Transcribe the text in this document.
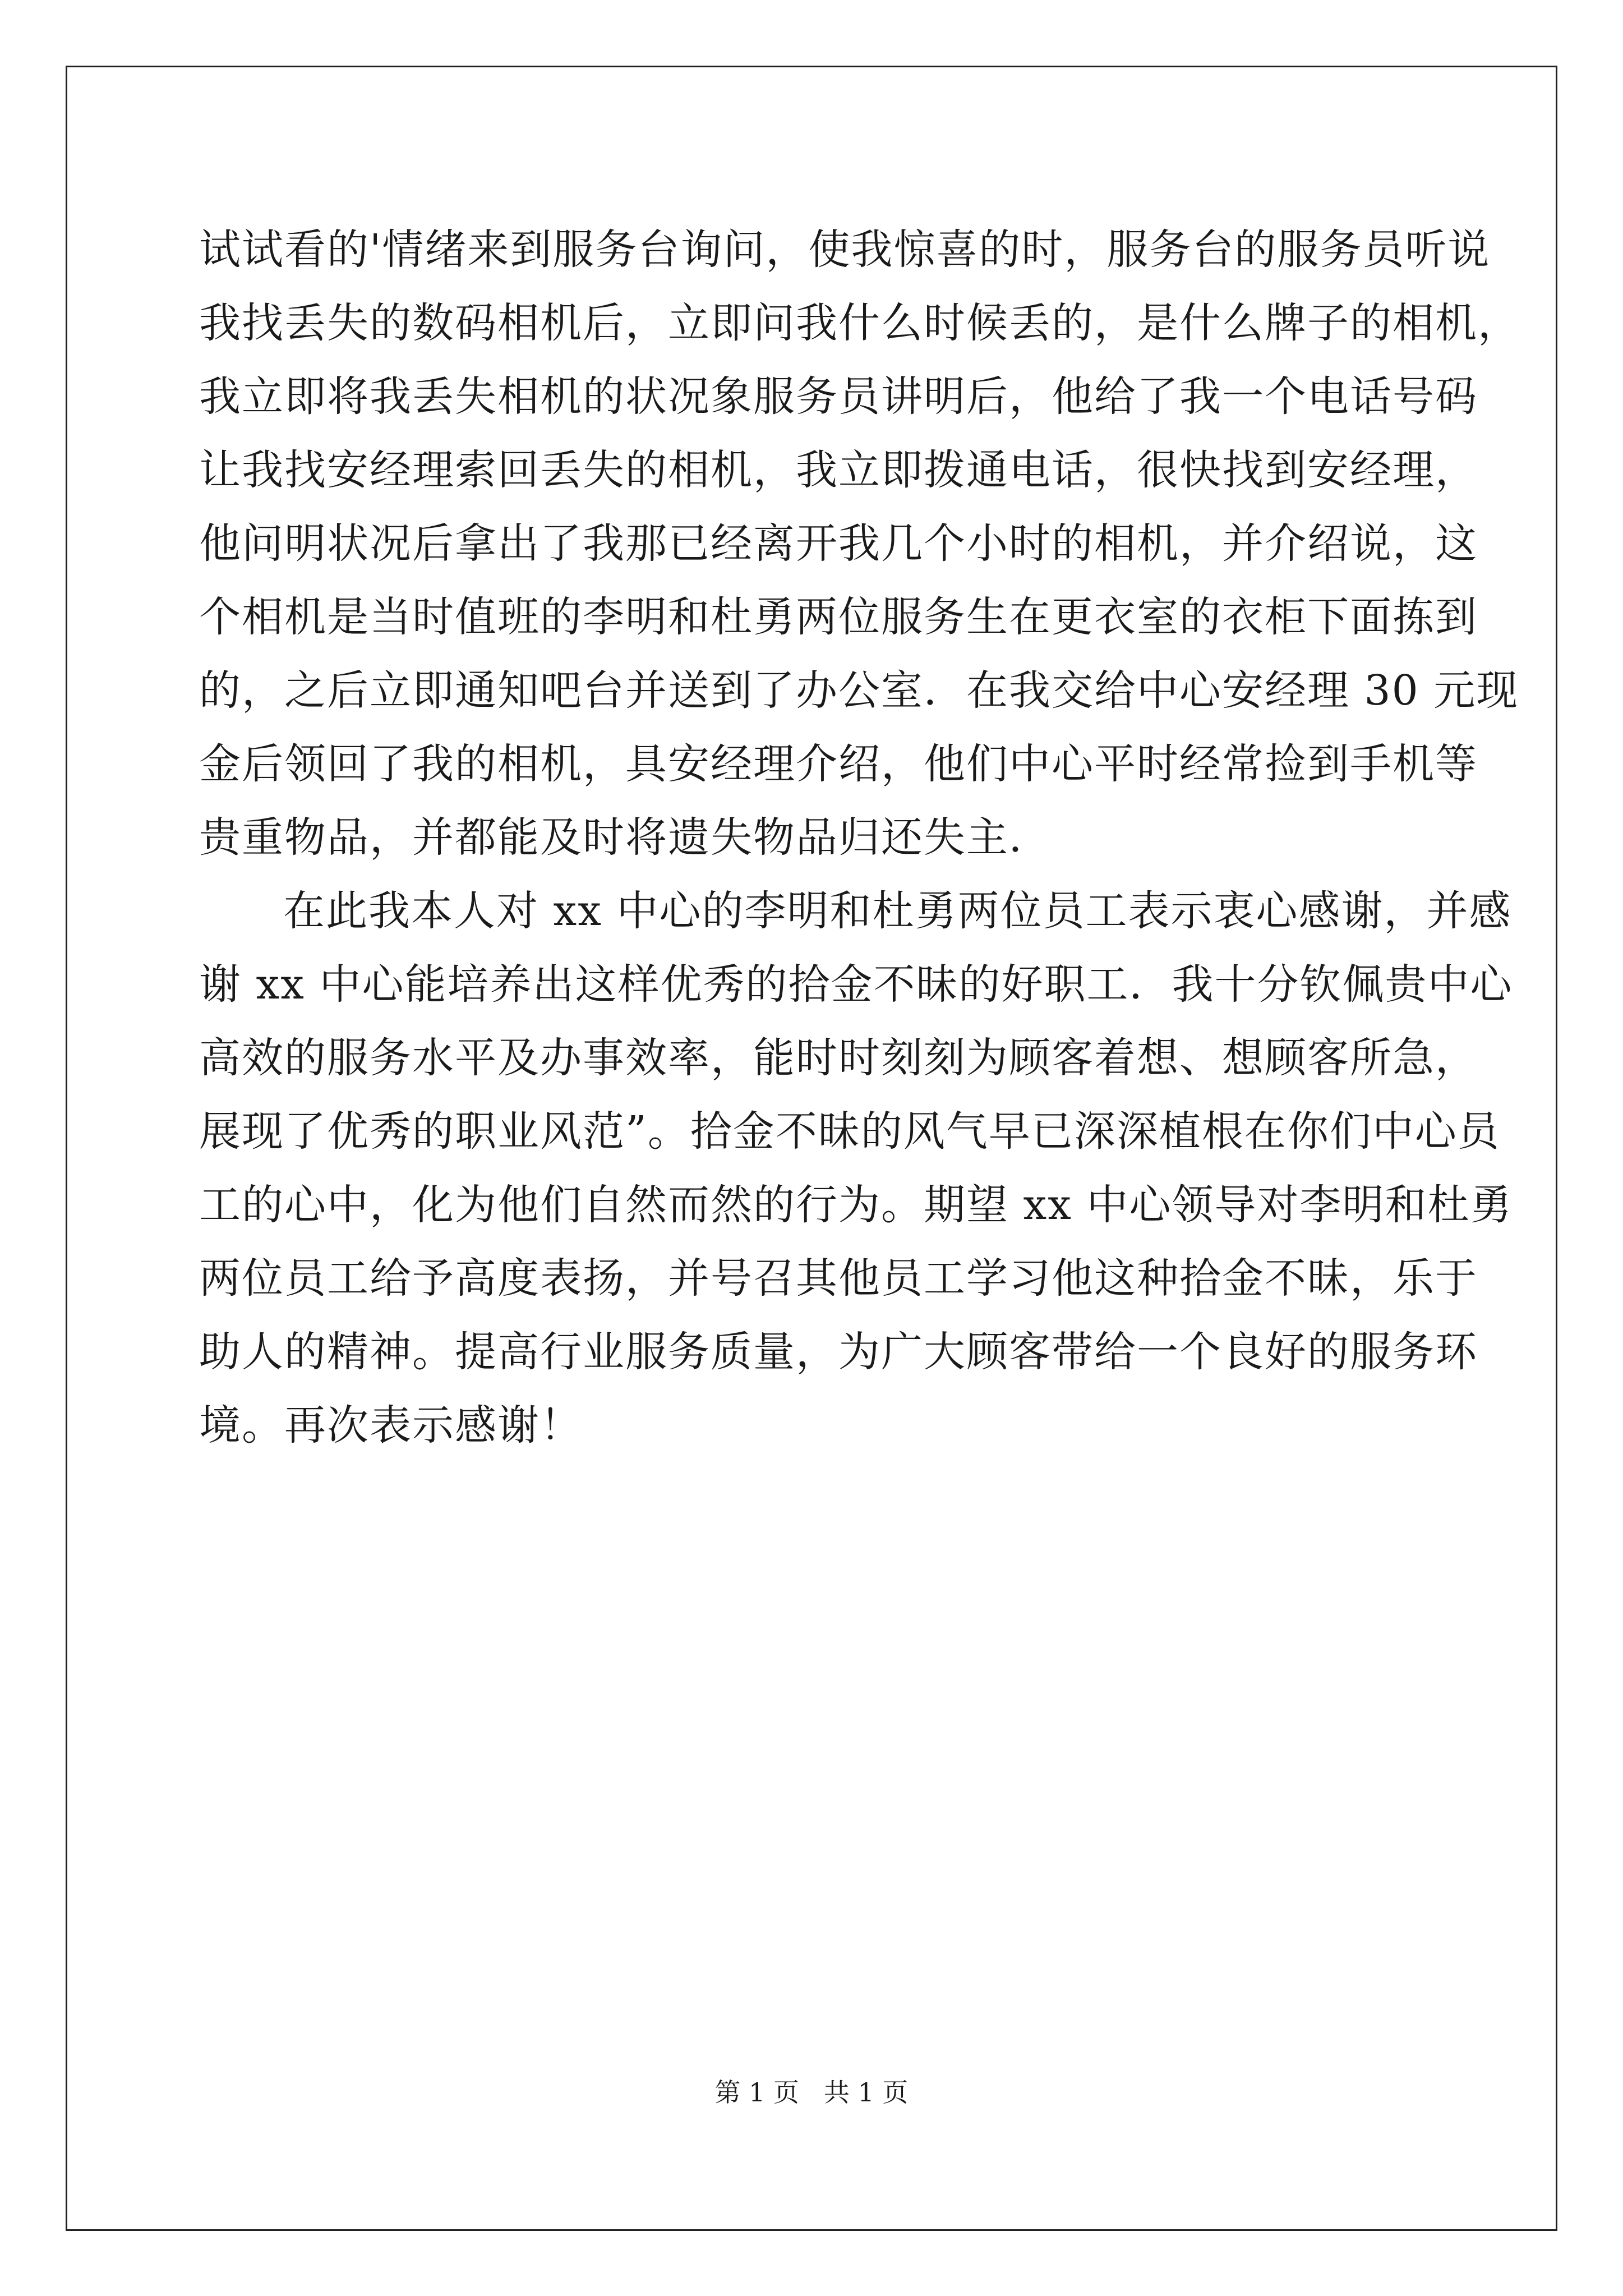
试试看的'情绪来到服务台询问，使我惊喜的时，服务台的服务员听说
我找丢失的数码相机后，立即问我什么时候丢的，是什么牌子的相机，
我立即将我丢失相机的状况象服务员讲明后，他给了我一个电话号码
让我找安经理索回丢失的相机，我立即拨通电话，很快找到安经理，
他问明状况后拿出了我那已经离开我几个小时的相机，并介绍说，这
个相机是当时值班的李明和杜勇两位服务生在更衣室的衣柜下面拣到
的，之后立即通知吧台并送到了办公室．在我交给中心安经理 30 元现
金后领回了我的相机，具安经理介绍，他们中心平时经常捡到手机等
贵重物品，并都能及时将遗失物品归还失主．
在此我本人对 xx 中心的李明和杜勇两位员工表示衷心感谢，并感
谢 xx 中心能培养出这样优秀的拾金不昧的好职工．我十分钦佩贵中心
高效的服务水平及办事效率，能时时刻刻为顾客着想、想顾客所急，
展现了优秀的职业风范”。拾金不昧的风气早已深深植根在你们中心员
工的心中，化为他们自然而然的行为。期望 xx 中心领导对李明和杜勇
两位员工给予高度表扬，并号召其他员工学习他这种拾金不昧，乐于
助人的精神。提高行业服务质量，为广大顾客带给一个良好的服务环
境。再次表示感谢！
第 1 页   共 1 页
